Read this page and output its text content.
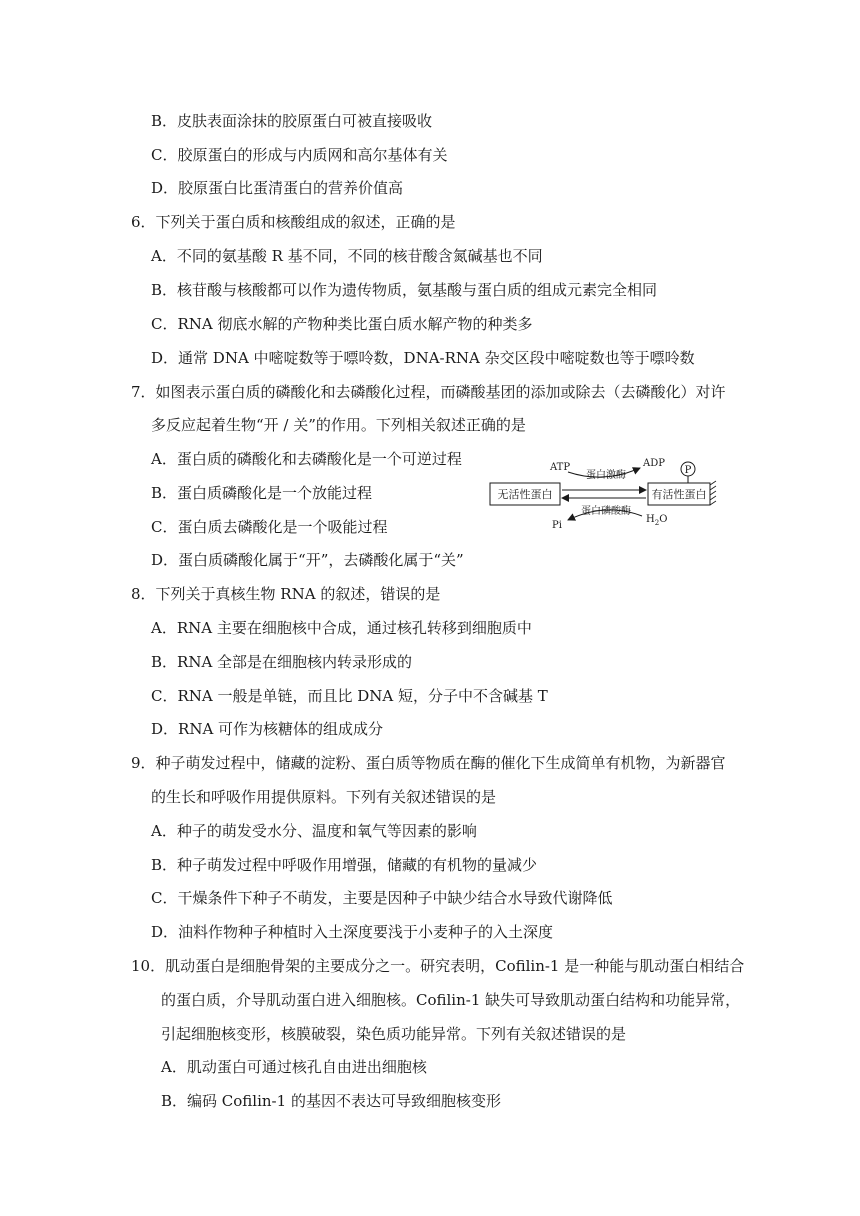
B．皮肤表面涂抹的胶原蛋白可被直接吸收
C．胶原蛋白的形成与内质网和高尔基体有关
D．胶原蛋白比蛋清蛋白的营养价值高
6．下列关于蛋白质和核酸组成的叙述，正确的是
A．不同的氨基酸 R 基不同，不同的核苷酸含氮碱基也不同
B．核苷酸与核酸都可以作为遗传物质，氨基酸与蛋白质的组成元素完全相同
C．RNA 彻底水解的产物种类比蛋白质水解产物的种类多
D．通常 DNA 中嘧啶数等于嘌呤数，DNA-RNA 杂交区段中嘧啶数也等于嘌呤数
7．如图表示蛋白质的磷酸化和去磷酸化过程，而磷酸基团的添加或除去（去磷酸化）对许
多反应起着生物“开 / 关”的作用。下列相关叙述正确的是
A．蛋白质的磷酸化和去磷酸化是一个可逆过程
B．蛋白质磷酸化是一个放能过程
C．蛋白质去磷酸化是一个吸能过程
D．蛋白质磷酸化属于“开”，去磷酸化属于“关”
无活性蛋白	有活性蛋白
P
ATP	ADP
蛋白激酶
Pi
$H_2O$
蛋白磷酸酶
8．下列关于真核生物 RNA 的叙述，错误的是
A．RNA 主要在细胞核中合成，通过核孔转移到细胞质中
B．RNA 全部是在细胞核内转录形成的
C．RNA 一般是单链，而且比 DNA 短，分子中不含碱基 T
D．RNA 可作为核糖体的组成成分
9．种子萌发过程中，储藏的淀粉、蛋白质等物质在酶的催化下生成简单有机物，为新器官
的生长和呼吸作用提供原料。下列有关叙述错误的是
A．种子的萌发受水分、温度和氧气等因素的影响
B．种子萌发过程中呼吸作用增强，储藏的有机物的量减少
C．干燥条件下种子不萌发，主要是因种子中缺少结合水导致代谢降低
D．油料作物种子种植时入土深度要浅于小麦种子的入土深度
10．肌动蛋白是细胞骨架的主要成分之一。研究表明，Cofilin-1 是一种能与肌动蛋白相结合
的蛋白质，介导肌动蛋白进入细胞核。Cofilin-1 缺失可导致肌动蛋白结构和功能异常，
引起细胞核变形，核膜破裂，染色质功能异常。下列有关叙述错误的是
A．肌动蛋白可通过核孔自由进出细胞核
B．编码 Cofilin-1 的基因不表达可导致细胞核变形
